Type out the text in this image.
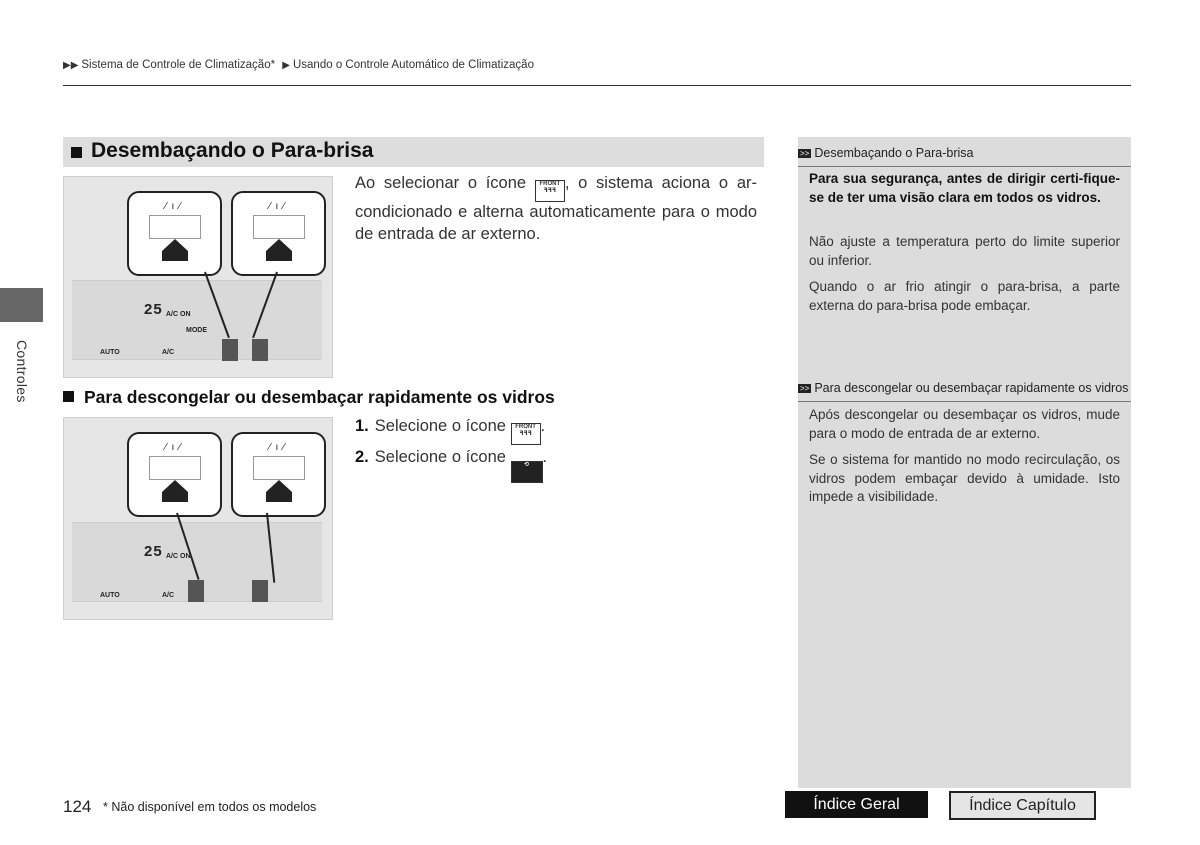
▶▶ Sistema de Controle de Climatização* ▶ Usando o Controle Automático de Climatização
Controles
Desembaçando o Para-brisa
Ao selecionar o ícone FRONT
ꟻꟻꟻ , o sistema aciona o ar-condicionado e alterna automaticamente para o modo de entrada de ar externo.
⁄ ı ⁄	⁄ ı ⁄
25 A/C ON
MODE
AUTO	A/C
Para descongelar ou desembaçar rapidamente os vidros
1. Selecione o ícone FRONT
ꟻꟻꟻ .
2. Selecione o ícone	⟲ .
⁄ ı ⁄	⁄ ı ⁄
25 A/C ON
AUTO	A/C
>> Desembaçando o Para-brisa
Para sua segurança, antes de dirigir certi-fique-se de ter uma visão clara em todos os vidros.
Não ajuste a temperatura perto do limite superior ou inferior.
Quando o ar frio atingir o para-brisa, a parte externa do para-brisa pode embaçar.
>> Para descongelar ou desembaçar rapidamente os vidros
Após descongelar ou desembaçar os vidros, mude para o modo de entrada de ar externo.
Se o sistema for mantido no modo recirculação, os vidros podem embaçar devido à umidade. Isto impede a visibilidade.
124 * Não disponível em todos os modelos	Índice Geral	Índice Capítulo
